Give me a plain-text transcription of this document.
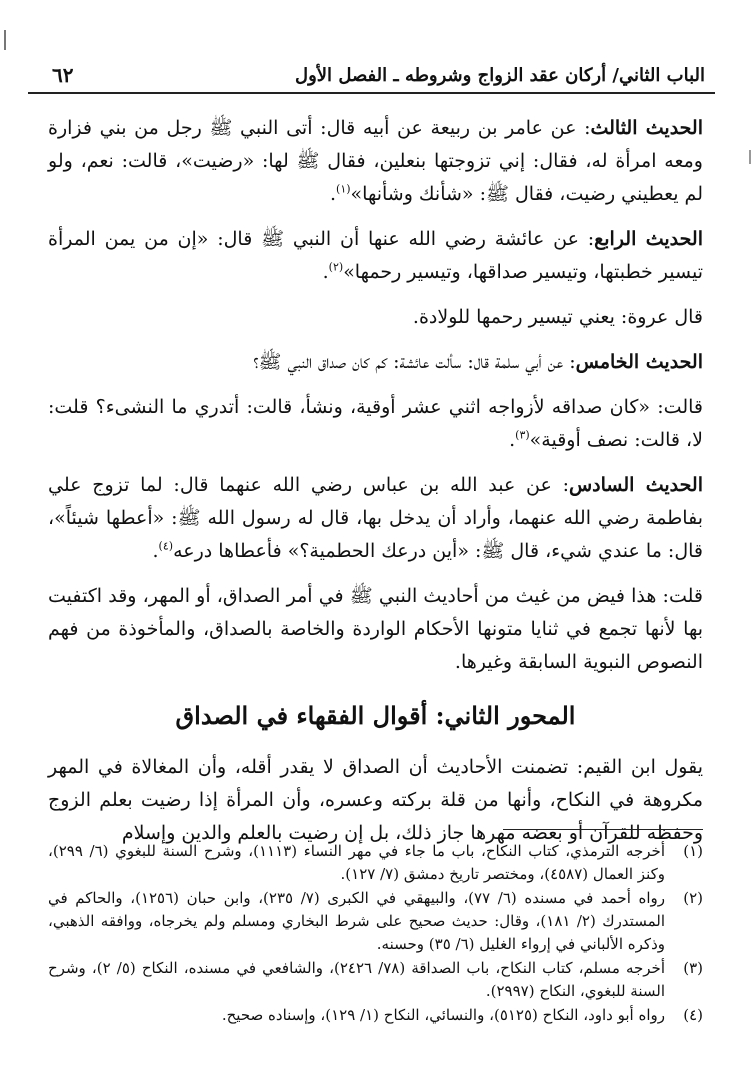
٦٢	الباب الثاني/ أركان عقد الزواج وشروطه ـ الفصل الأول

الحديث الثالث: عن عامر بن ربيعة عن أبيه قال: أتى النبي ﷺ رجل من بني فزارة ومعه امرأة له، فقال: إني تزوجتها بنعلين، فقال ﷺ لها: «رضيت»، قالت: نعم، ولو لم يعطيني رضيت، فقال ﷺ: «شأنك وشأنها»$^{(١)}$.

الحديث الرابع: عن عائشة رضي الله عنها أن النبي ﷺ قال: «إن من يمن المرأة تيسير خطبتها، وتيسير صداقها، وتيسير رحمها»$^{(٢)}$.

قال عروة: يعني تيسير رحمها للولادة.

الحديث الخامس: عن أبي سلمة قال: سألت عائشة: كم كان صداق النبي ﷺ؟

قالت: «كان صداقه لأزواجه اثني عشر أوقية، ونشأ، قالت: أتدري ما النشىء؟ قلت: لا، قالت: نصف أوقية»$^{(٣)}$.

الحديث السادس: عن عبد الله بن عباس رضي الله عنهما قال: لما تزوج علي بفاطمة رضي الله عنهما، وأراد أن يدخل بها، قال له رسول الله ﷺ: «أعطها شيئاً»، قال: ما عندي شيء، قال ﷺ: «أين درعك الحطمية؟» فأعطاها درعه$^{(٤)}$.

قلت: هذا فيض من غيث من أحاديث النبي ﷺ في أمر الصداق، أو المهر، وقد اكتفيت بها لأنها تجمع في ثنايا متونها الأحكام الواردة والخاصة بالصداق، والمأخوذة من فهم النصوص النبوية السابقة وغيرها.

المحور الثاني: أقوال الفقهاء في الصداق

يقول ابن القيم: تضمنت الأحاديث أن الصداق لا يقدر أقله، وأن المغالاة في المهر مكروهة في النكاح، وأنها من قلة بركته وعسره، وأن المرأة إذا رضيت بعلم الزوج وحفظه للقرآن أو بعضه مهرها جاز ذلك، بل إن رضيت بالعلم والدين وإسلام

(١)
أخرجه الترمذي، كتاب النكاح، باب ما جاء في مهر النساء (١١١٣)، وشرح السنة للبغوي (٦/ ٢٩٩)، وكنز العمال (٤٥٨٧)، ومختصر تاريخ دمشق (٧/ ١٢٧).
(٢)
رواه أحمد في مسنده (٦/ ٧٧)، والبيهقي في الكبرى (٧/ ٢٣٥)، وابن حبان (١٢٥٦)، والحاكم في المستدرك (٢/ ١٨١)، وقال: حديث صحيح على شرط البخاري ومسلم ولم يخرجاه، ووافقه الذهبي، وذكره الألباني في إرواء الغليل (٦/ ٣٥) وحسنه.
(٣)
أخرجه مسلم، كتاب النكاح، باب الصداقة (٧٨/ ٢٤٢٦)، والشافعي في مسنده، النكاح (٥/ ٢)، وشرح السنة للبغوي، النكاح (٢٩٩٧).
(٤)
رواه أبو داود، النكاح (٥١٢٥)، والنسائي، النكاح (١/ ١٢٩)، وإسناده صحيح.
